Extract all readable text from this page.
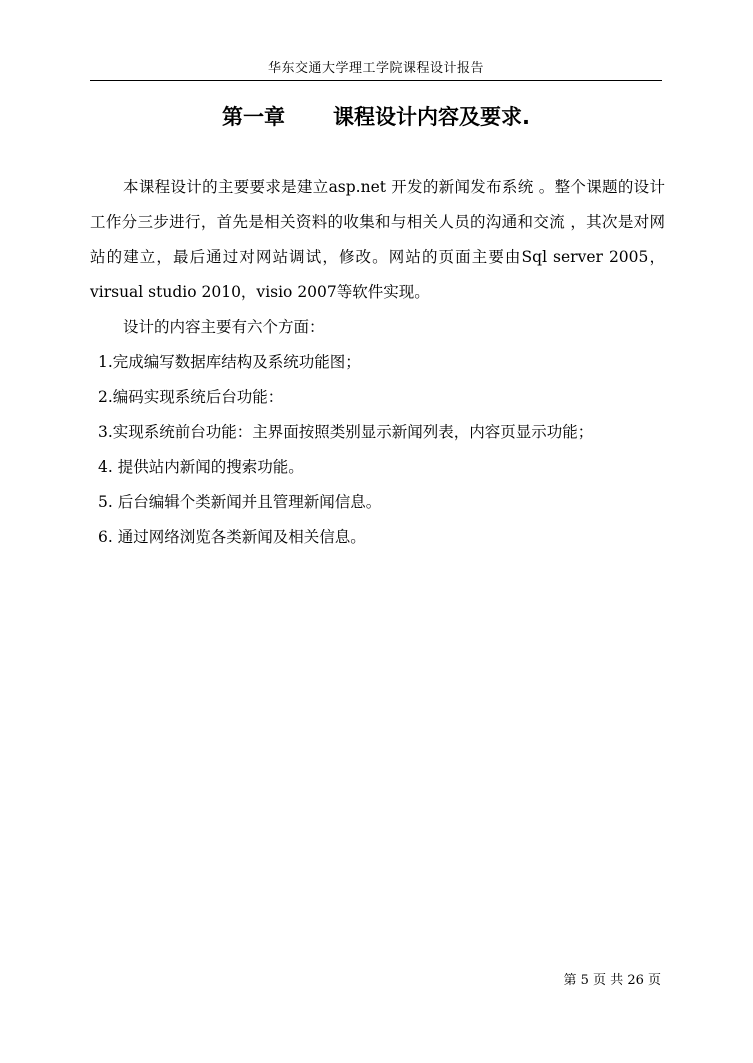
华东交通大学理工学院课程设计报告
第一章 课程设计内容及要求.

本课程设计的主要要求是建立asp.net 开发的新闻发布系统 。整个课题的设计工作分三步进行，首先是相关资料的收集和与相关人员的沟通和交流 ，其次是对网站的建立，最后通过对网站调试，修改。网站的页面主要由Sql server 2005，virsual studio 2010，visio 2007等软件实现。

设计的内容主要有六个方面：

1.完成编写数据库结构及系统功能图；

2.编码实现系统后台功能：

3.实现系统前台功能：主界面按照类别显示新闻列表，内容页显示功能；

4. 提供站内新闻的搜索功能。

5. 后台编辑个类新闻并且管理新闻信息。

6. 通过网络浏览各类新闻及相关信息。

第 5 页 共 26 页
